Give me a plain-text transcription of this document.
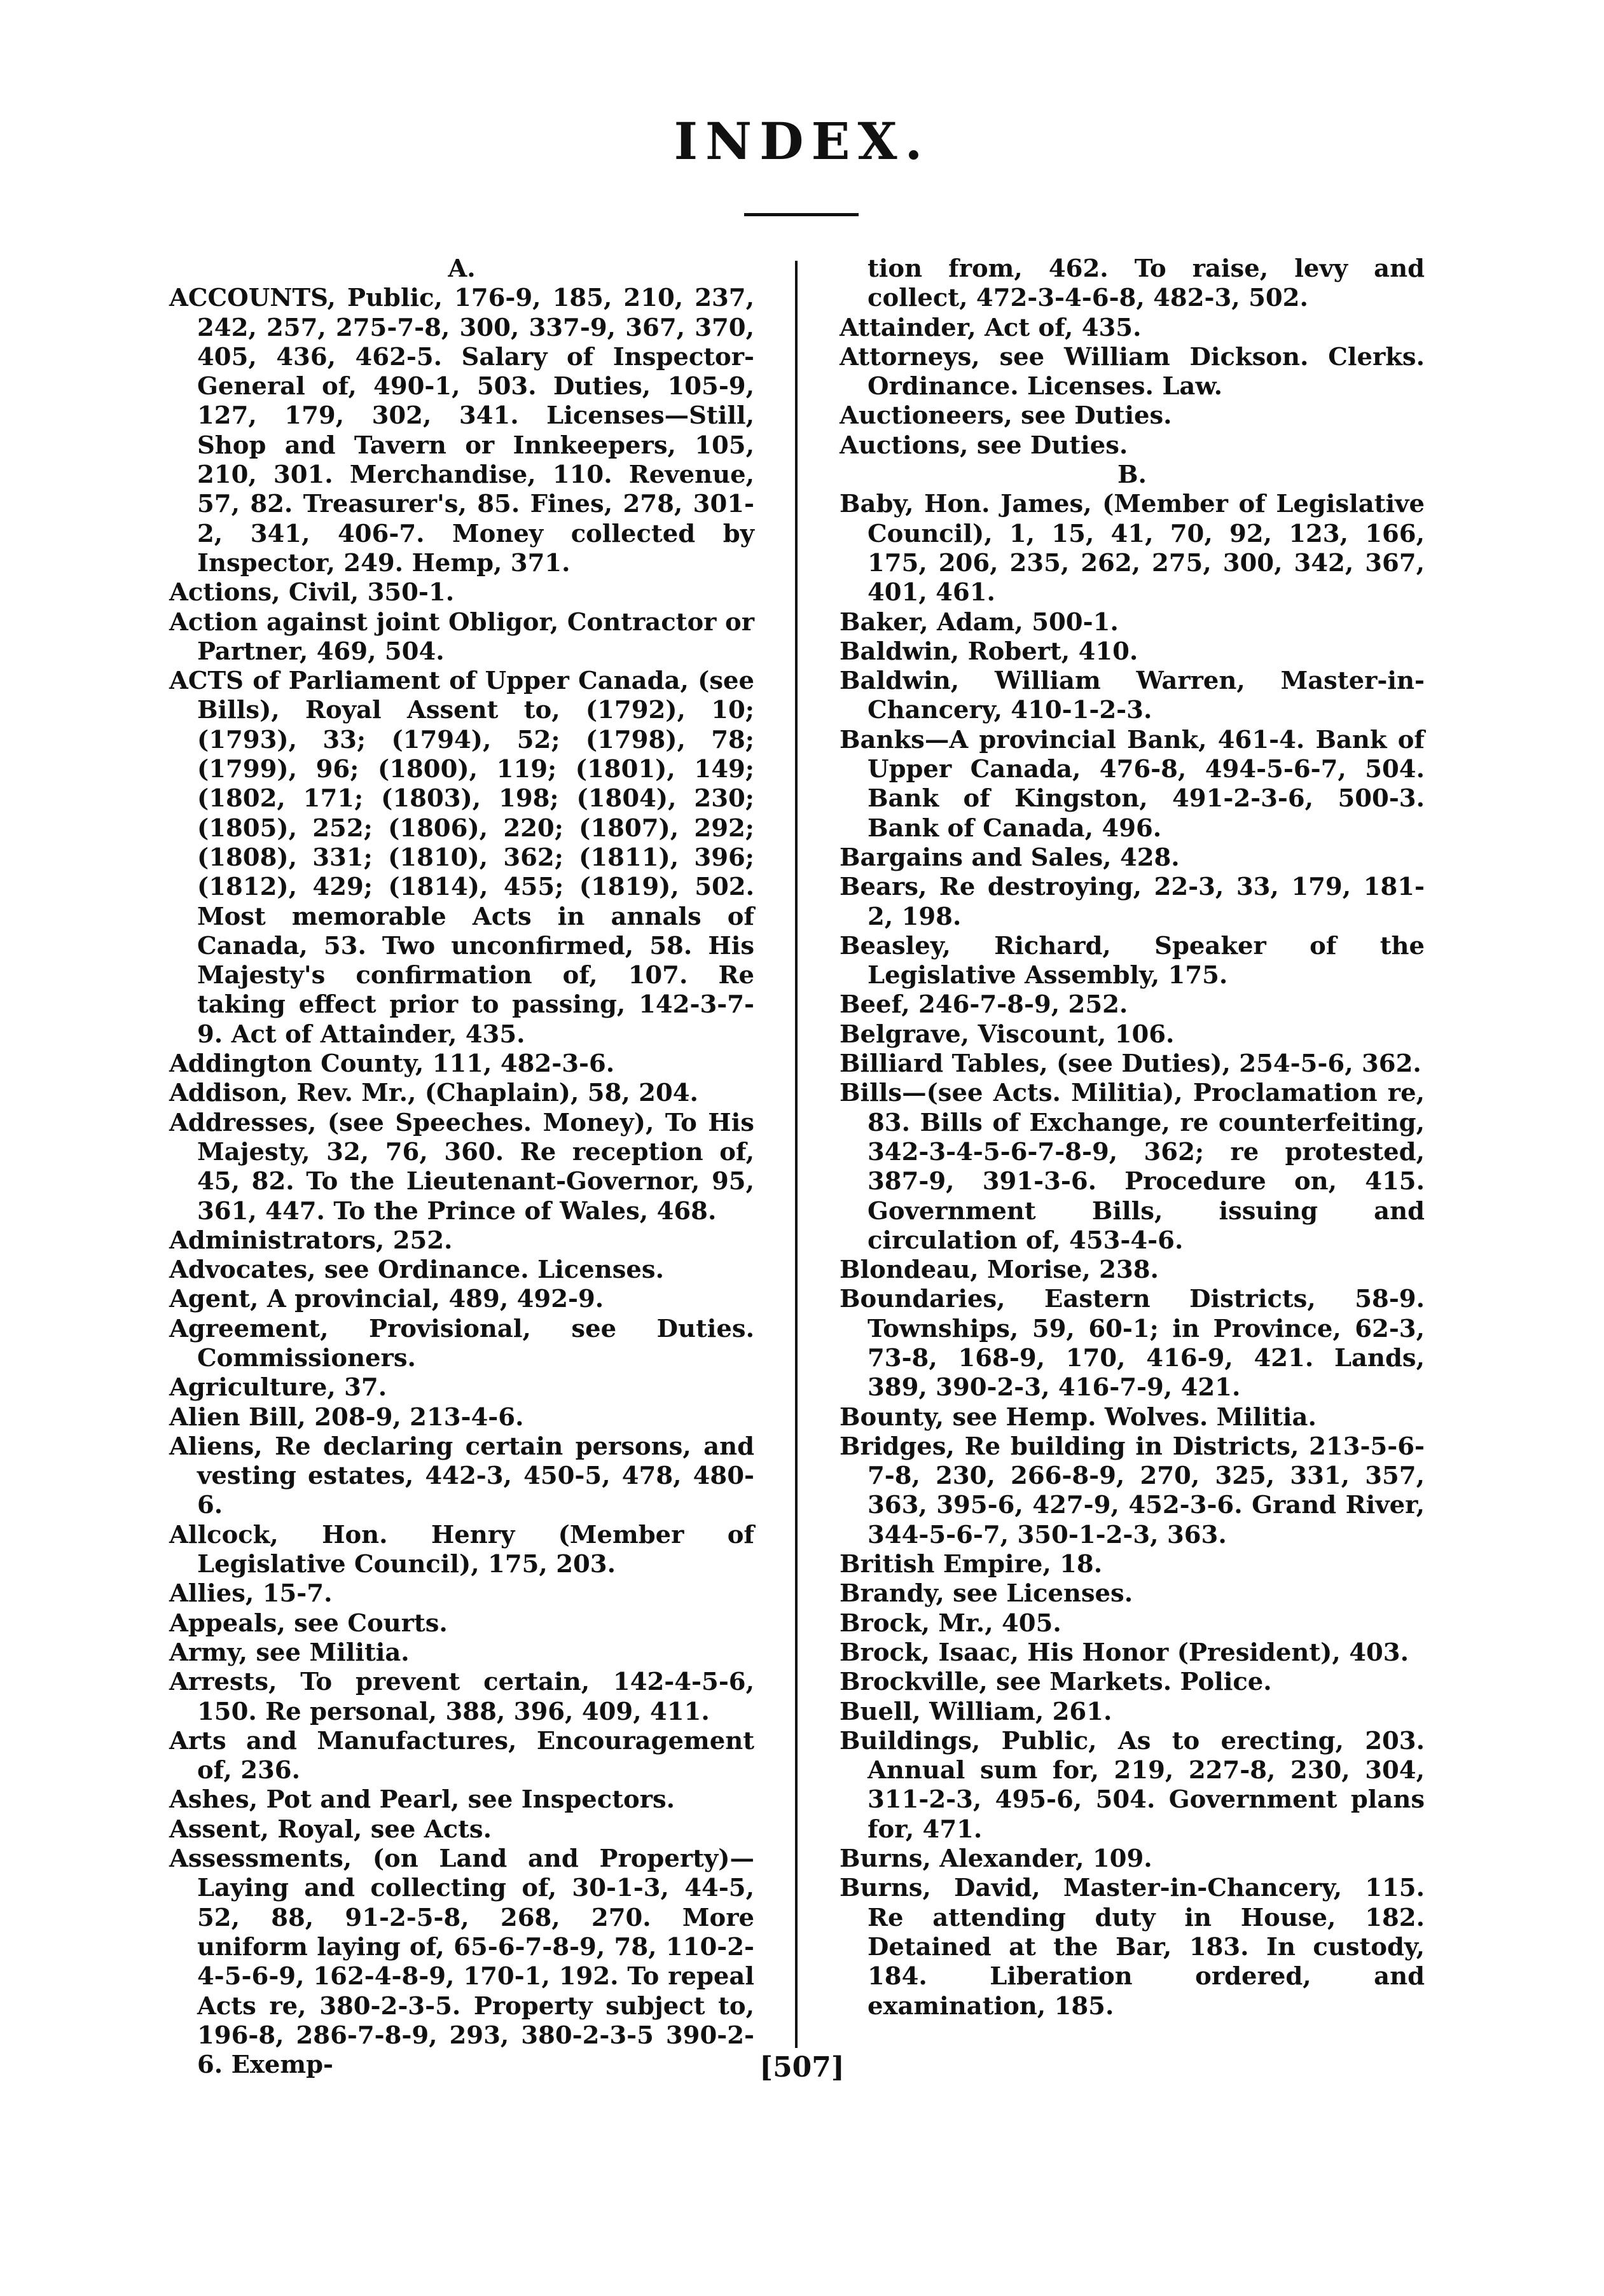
INDEX.
A.
ACCOUNTS, Public, 176-9, 185, 210, 237, 242, 257, 275-7-8, 300, 337-9, 367, 370, 405, 436, 462-5. Salary of Inspector-General of, 490-1, 503. Duties, 105-9, 127, 179, 302, 341. Licenses—Still, Shop and Tavern or Innkeepers, 105, 210, 301. Merchandise, 110. Revenue, 57, 82. Treasurer's, 85. Fines, 278, 301-2, 341, 406-7. Money collected by Inspector, 249. Hemp, 371.
Actions, Civil, 350-1.
Action against joint Obligor, Contractor or Partner, 469, 504.
ACTS of Parliament of Upper Canada, (see Bills), Royal Assent to, (1792), 10; (1793), 33; (1794), 52; (1798), 78; (1799), 96; (1800), 119; (1801), 149; (1802, 171; (1803), 198; (1804), 230; (1805), 252; (1806), 220; (1807), 292; (1808), 331; (1810), 362; (1811), 396; (1812), 429; (1814), 455; (1819), 502. Most memorable Acts in annals of Canada, 53. Two unconfirmed, 58. His Majesty's confirmation of, 107. Re taking effect prior to passing, 142-3-7-9. Act of Attainder, 435.
Addington County, 111, 482-3-6.
Addison, Rev. Mr., (Chaplain), 58, 204.
Addresses, (see Speeches. Money), To His Majesty, 32, 76, 360. Re reception of, 45, 82. To the Lieutenant-Governor, 95, 361, 447. To the Prince of Wales, 468.
Administrators, 252.
Advocates, see Ordinance. Licenses.
Agent, A provincial, 489, 492-9.
Agreement, Provisional, see Duties. Commissioners.
Agriculture, 37.
Alien Bill, 208-9, 213-4-6.
Aliens, Re declaring certain persons, and vesting estates, 442-3, 450-5, 478, 480-6.
Allcock, Hon. Henry (Member of Legislative Council), 175, 203.
Allies, 15-7.
Appeals, see Courts.
Army, see Militia.
Arrests, To prevent certain, 142-4-5-6, 150. Re personal, 388, 396, 409, 411.
Arts and Manufactures, Encouragement of, 236.
Ashes, Pot and Pearl, see Inspectors.
Assent, Royal, see Acts.
Assessments, (on Land and Property)—Laying and collecting of, 30-1-3, 44-5, 52, 88, 91-2-5-8, 268, 270. More uniform laying of, 65-6-7-8-9, 78, 110-2-4-5-6-9, 162-4-8-9, 170-1, 192. To repeal Acts re, 380-2-3-5. Property subject to, 196-8, 286-7-8-9, 293, 380-2-3-5 390-2-6. Exemp-
tion from, 462. To raise, levy and collect, 472-3-4-6-8, 482-3, 502.
Attainder, Act of, 435.
Attorneys, see William Dickson. Clerks. Ordinance. Licenses. Law.
Auctioneers, see Duties.
Auctions, see Duties.
B.
Baby, Hon. James, (Member of Legislative Council), 1, 15, 41, 70, 92, 123, 166, 175, 206, 235, 262, 275, 300, 342, 367, 401, 461.
Baker, Adam, 500-1.
Baldwin, Robert, 410.
Baldwin, William Warren, Master-in-Chancery, 410-1-2-3.
Banks—A provincial Bank, 461-4. Bank of Upper Canada, 476-8, 494-5-6-7, 504. Bank of Kingston, 491-2-3-6, 500-3. Bank of Canada, 496.
Bargains and Sales, 428.
Bears, Re destroying, 22-3, 33, 179, 181-2, 198.
Beasley, Richard, Speaker of the Legislative Assembly, 175.
Beef, 246-7-8-9, 252.
Belgrave, Viscount, 106.
Billiard Tables, (see Duties), 254-5-6, 362.
Bills—(see Acts. Militia), Proclamation re, 83. Bills of Exchange, re counterfeiting, 342-3-4-5-6-7-8-9, 362; re protested, 387-9, 391-3-6. Procedure on, 415. Government Bills, issuing and circulation of, 453-4-6.
Blondeau, Morise, 238.
Boundaries, Eastern Districts, 58-9. Townships, 59, 60-1; in Province, 62-3, 73-8, 168-9, 170, 416-9, 421. Lands, 389, 390-2-3, 416-7-9, 421.
Bounty, see Hemp. Wolves. Militia.
Bridges, Re building in Districts, 213-5-6-7-8, 230, 266-8-9, 270, 325, 331, 357, 363, 395-6, 427-9, 452-3-6. Grand River, 344-5-6-7, 350-1-2-3, 363.
British Empire, 18.
Brandy, see Licenses.
Brock, Mr., 405.
Brock, Isaac, His Honor (President), 403.
Brockville, see Markets. Police.
Buell, William, 261.
Buildings, Public, As to erecting, 203. Annual sum for, 219, 227-8, 230, 304, 311-2-3, 495-6, 504. Government plans for, 471.
Burns, Alexander, 109.
Burns, David, Master-in-Chancery, 115. Re attending duty in House, 182. Detained at the Bar, 183. In custody, 184. Liberation ordered, and examination, 185.
[507]
